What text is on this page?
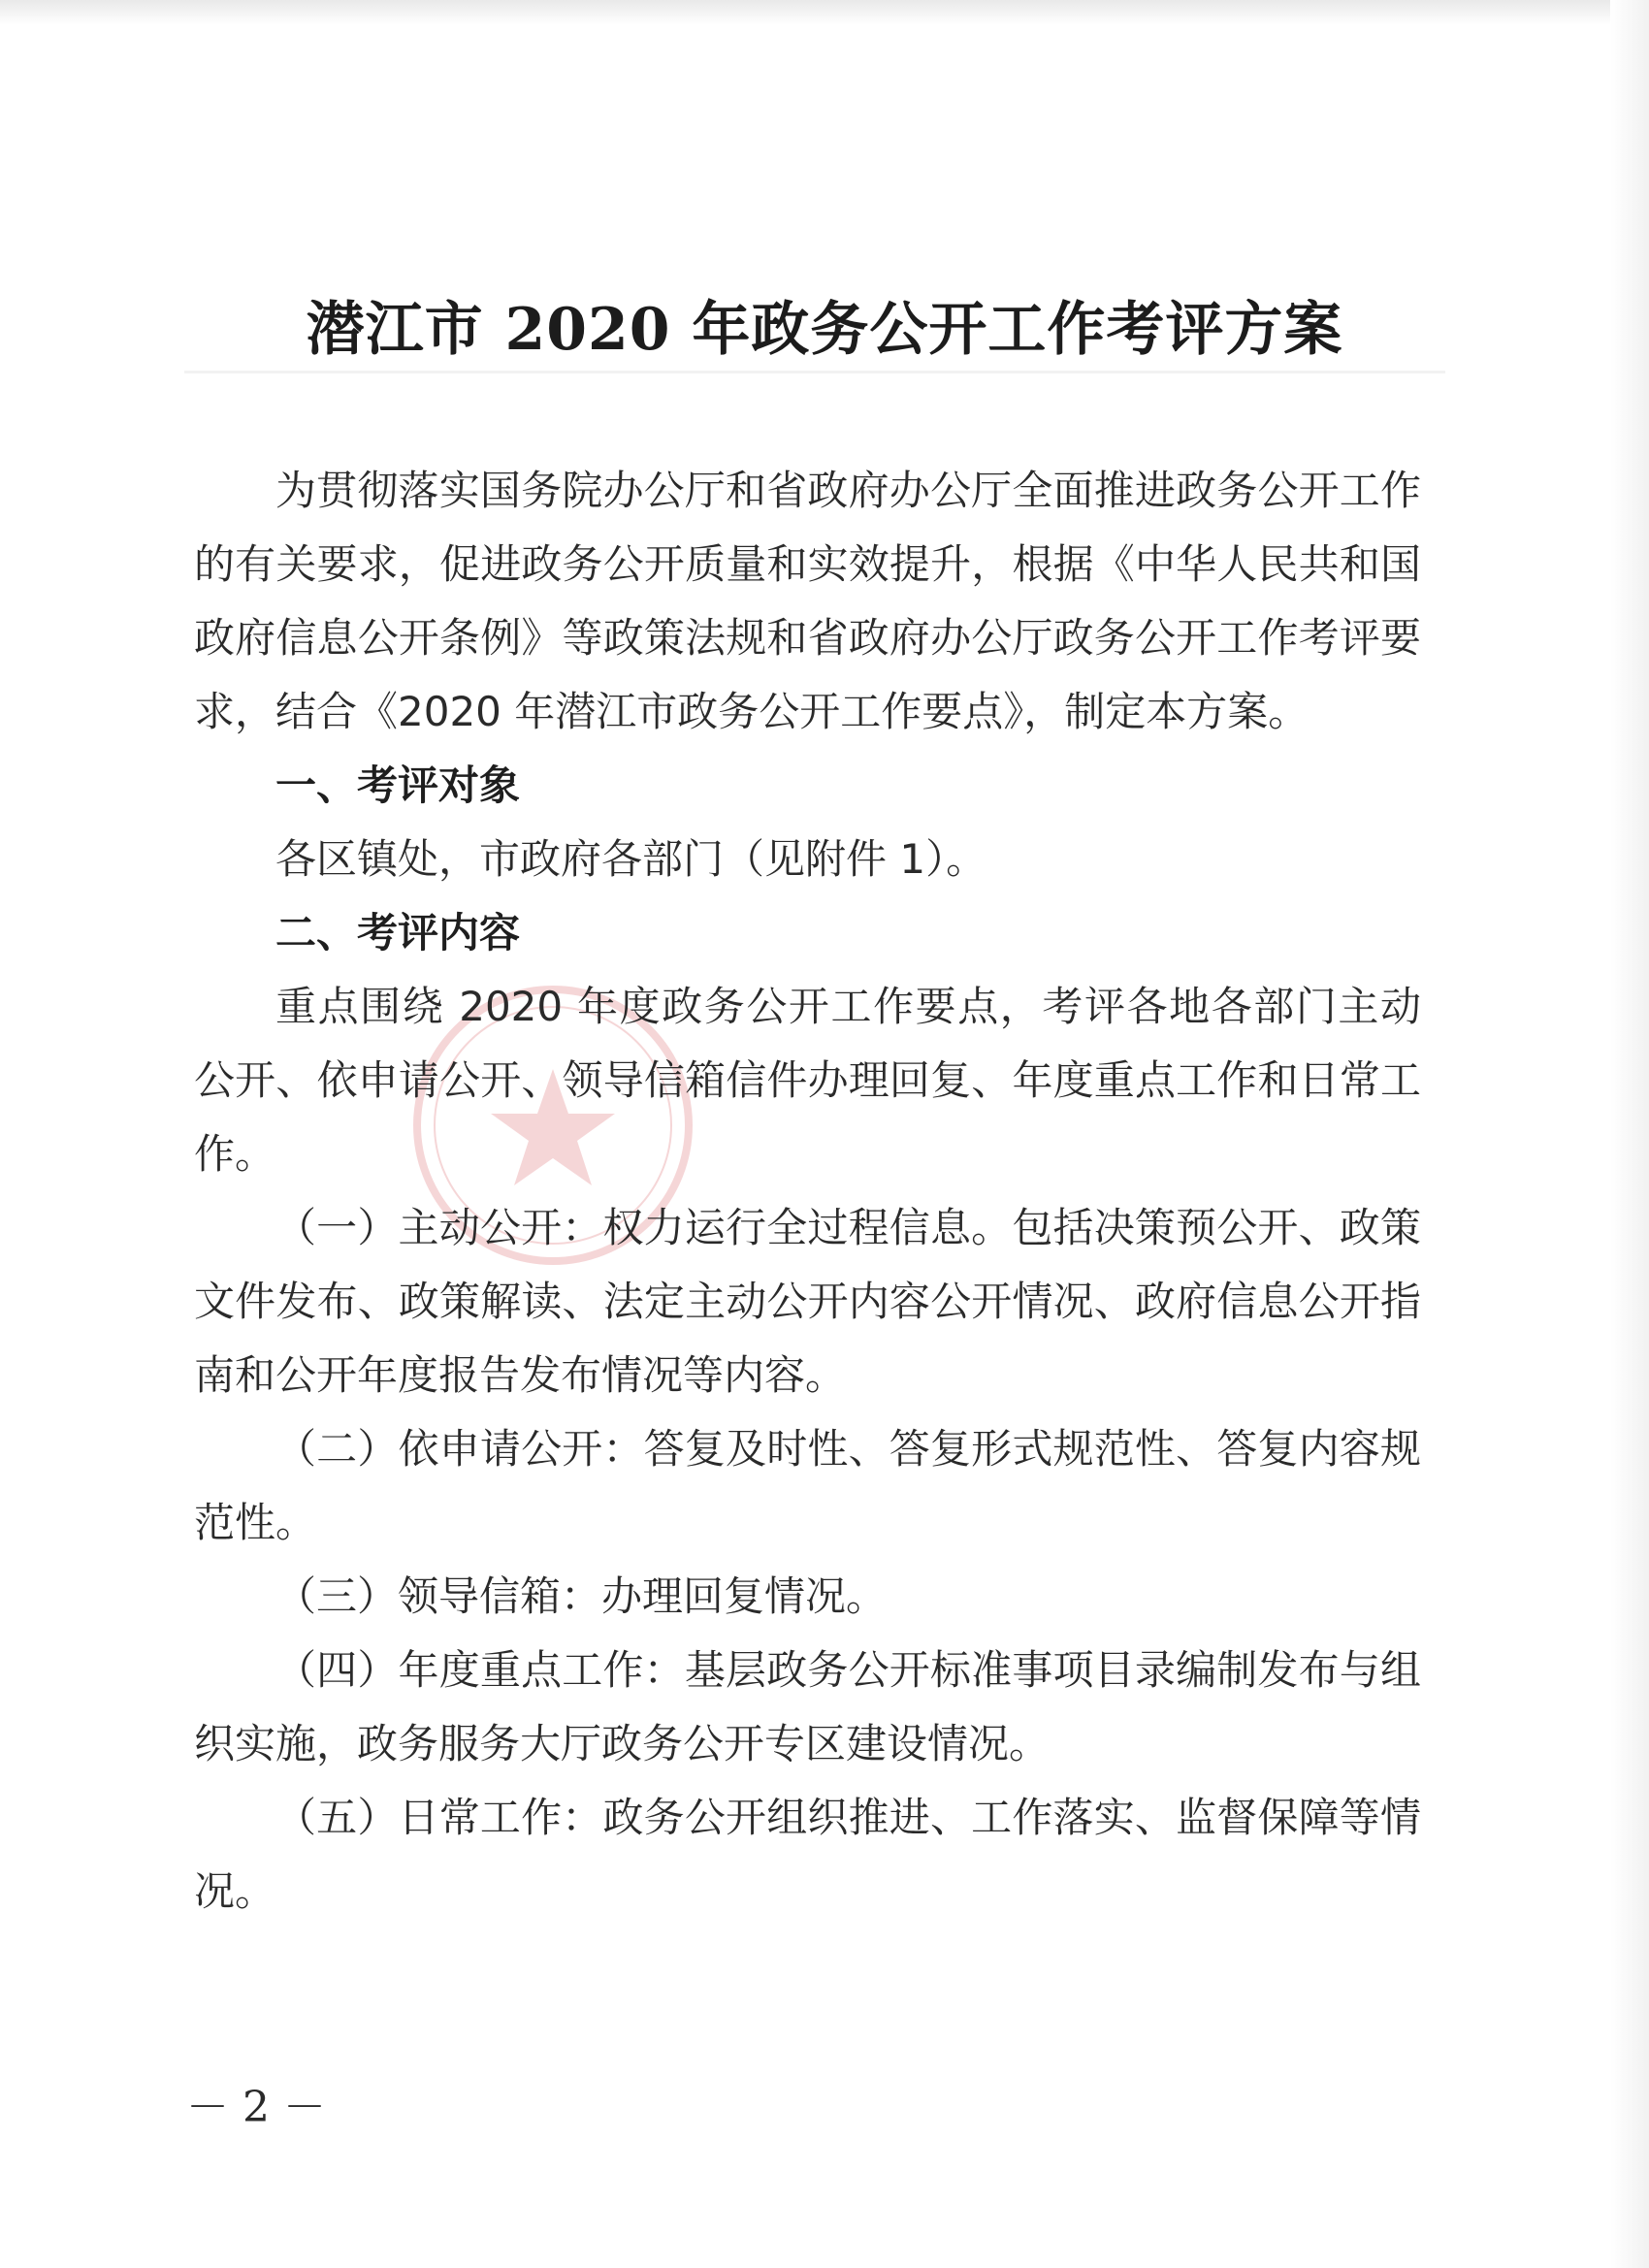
潜江市 2020 年政务公开工作考评方案

为贯彻落实国务院办公厅和省政府办公厅全面推进政务公开工作的有关要求，促进政务公开质量和实效提升，根据《中华人民共和国政府信息公开条例》等政策法规和省政府办公厅政务公开工作考评要求，结合《2020 年潜江市政务公开工作要点》，制定本方案。

一、考评对象

各区镇处，市政府各部门（见附件 1）。

二、考评内容

重点围绕 2020 年度政务公开工作要点，考评各地各部门主动公开、依申请公开、领导信箱信件办理回复、年度重点工作和日常工作。

（一）主动公开：权力运行全过程信息。包括决策预公开、政策文件发布、政策解读、法定主动公开内容公开情况、政府信息公开指南和公开年度报告发布情况等内容。

（二）依申请公开：答复及时性、答复形式规范性、答复内容规范性。

（三）领导信箱：办理回复情况。

（四）年度重点工作：基层政务公开标准事项目录编制发布与组织实施，政务服务大厅政务公开专区建设情况。

（五）日常工作：政务公开组织推进、工作落实、监督保障等情况。

－ 2 －
